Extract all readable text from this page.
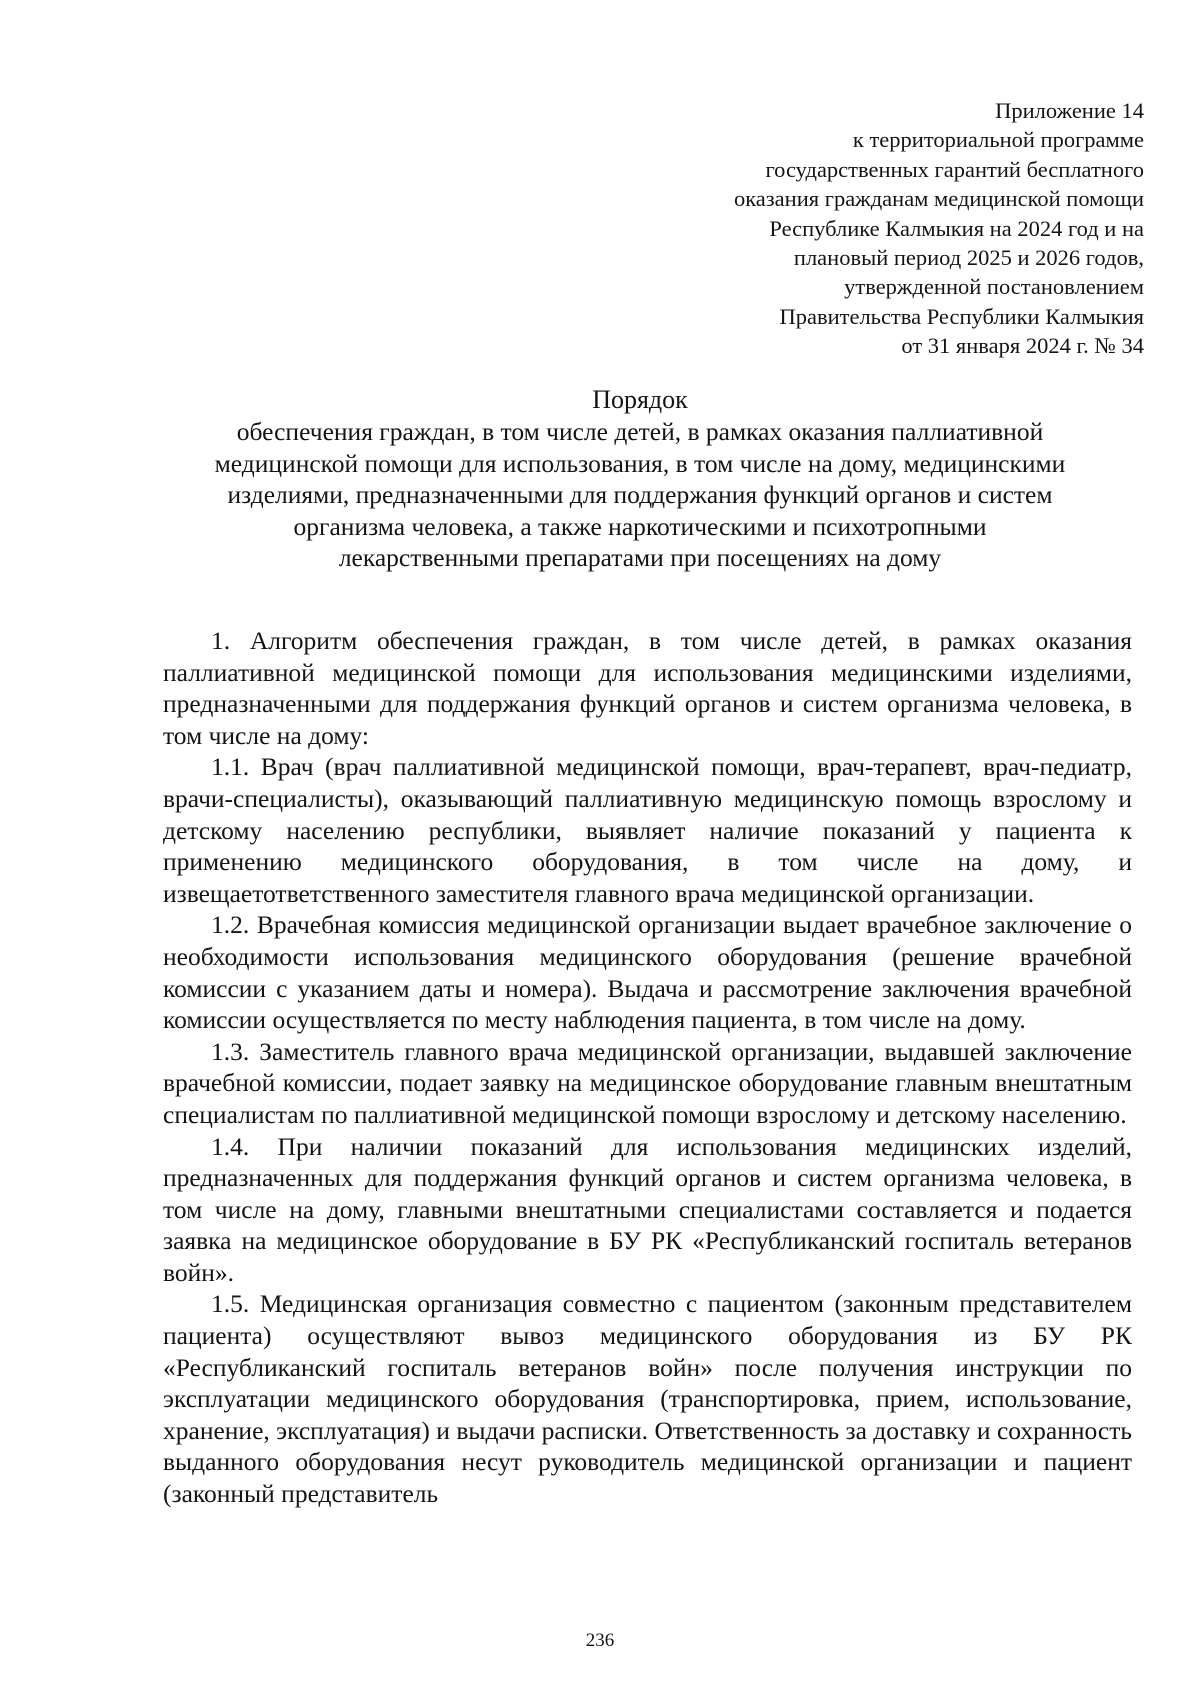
Приложение 14
к территориальной программе
государственных гарантий бесплатного
оказания гражданам медицинской помощи
Республике Калмыкия на 2024 год и на
плановый период 2025 и 2026 годов,
утвержденной постановлением
Правительства Республики Калмыкия
от 31 января 2024 г. № 34
Порядок
обеспечения граждан, в том числе детей, в рамках оказания паллиативной
медицинской помощи для использования, в том числе на дому, медицинскими
изделиями, предназначенными для поддержания функций органов и систем
организма человека, а также наркотическими и психотропными
лекарственными препаратами при посещениях на дому

1. Алгоритм обеспечения граждан, в том числе детей, в рамках оказания паллиативной медицинской помощи для использования медицинскими изделиями, предназначенными для поддержания функций органов и систем организма человека, в том числе на дому:

1.1. Врач (врач паллиативной медицинской помощи, врач-терапевт, врач-педиатр, врачи-специалисты), оказывающий паллиативную медицинскую помощь взрослому и детскому населению республики, выявляет наличие показаний у пациента к применению медицинского оборудования, в том числе на дому, и извещаетответственного заместителя главного врача медицинской организации.

1.2. Врачебная комиссия медицинской организации выдает врачебное заключение о необходимости использования медицинского оборудования (решение врачебной комиссии с указанием даты и номера). Выдача и рассмотрение заключения врачебной комиссии осуществляется по месту наблюдения пациента, в том числе на дому.

1.3. Заместитель главного врача медицинской организации, выдавшей заключение врачебной комиссии, подает заявку на медицинское оборудование главным внештатным специалистам по паллиативной медицинской помощи взрослому и детскому населению.

1.4. При наличии показаний для использования медицинских изделий, предназначенных для поддержания функций органов и систем организма человека, в том числе на дому, главными внештатными специалистами составляется и подается заявка на медицинское оборудование в БУ РК «Республиканский госпиталь ветеранов войн».

1.5. Медицинская организация совместно с пациентом (законным представителем пациента) осуществляют вывоз медицинского оборудования из БУ РК «Республиканский госпиталь ветеранов войн» после получения инструкции по эксплуатации медицинского оборудования (транспортировка, прием, использование, хранение, эксплуатация) и выдачи расписки. Ответственность за доставку и сохранность выданного оборудования несут руководитель медицинской организации и пациент (законный представитель

236
